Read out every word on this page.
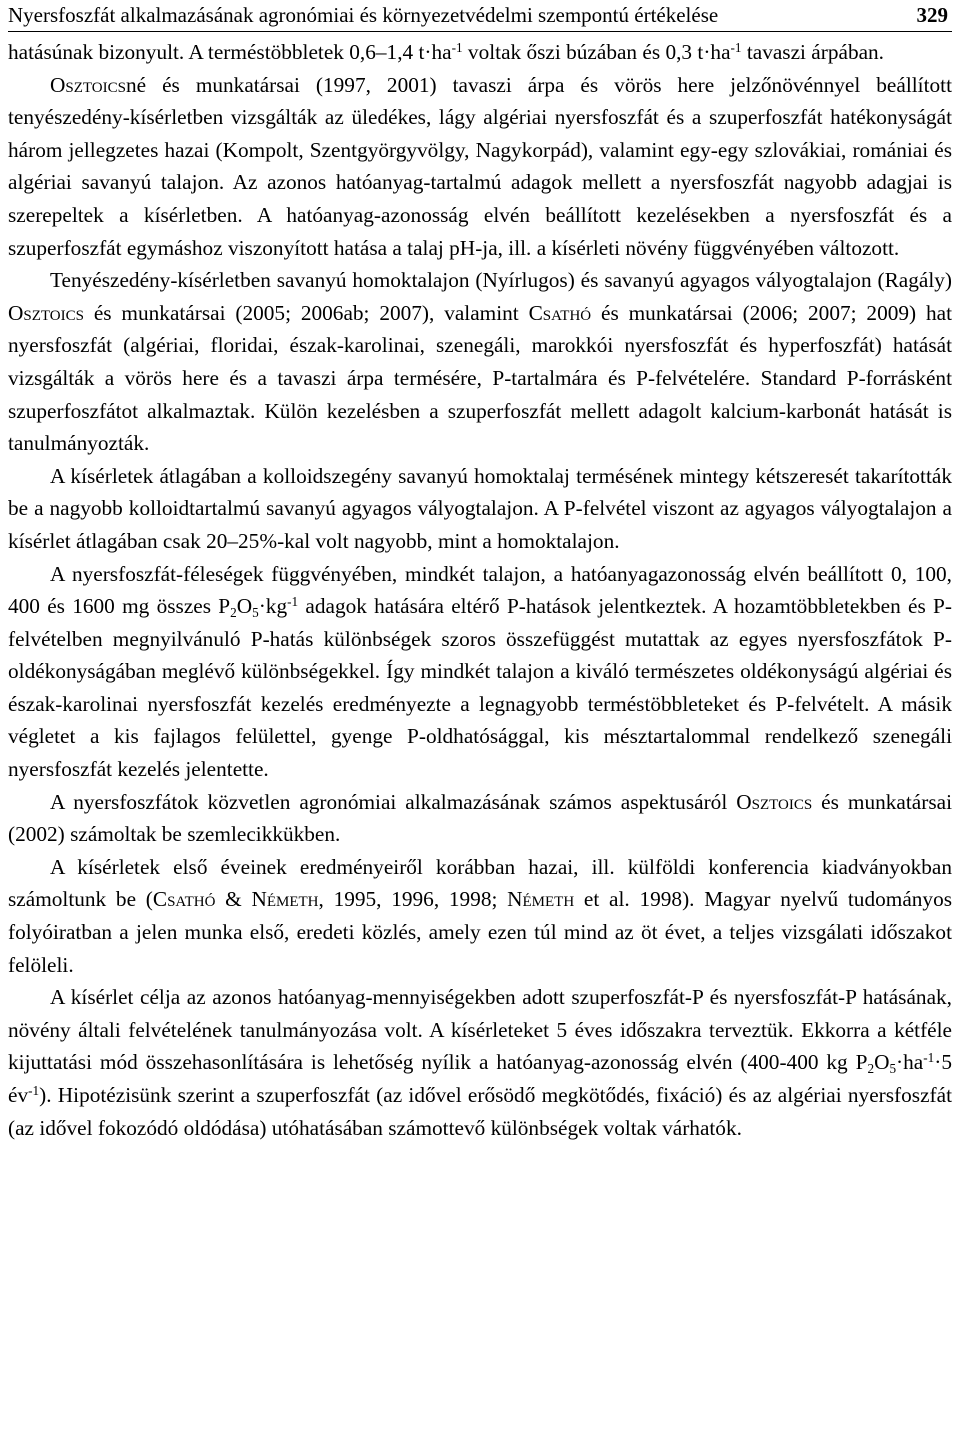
Nyersfoszfát alkalmazásának agronómiai és környezetvédelmi szempontú értékelése	329

hatásúnak bizonyult. A terméstöbbletek 0,6–1,4 $t\cdot ha^{-1}$ voltak őszi búzában és 0,3 $t\cdot ha^{-1}$ tavaszi árpában.

Osztoicsné és munkatársai (1997, 2001) tavaszi árpa és vörös here jelzőnövénnyel beállított tenyészedény-kísérletben vizsgálták az üledékes, lágy algériai nyersfoszfát és a szuperfoszfát hatékonyságát három jellegzetes hazai (Kompolt, Szentgyörgyvölgy, Nagykorpád), valamint egy-egy szlovákiai, romániai és algériai savanyú talajon. Az azonos hatóanyag-tartalmú adagok mellett a nyersfoszfát nagyobb adagjai is szerepeltek a kísérletben. A hatóanyag-azonosság elvén beállított kezelésekben a nyersfoszfát és a szuperfoszfát egymáshoz viszonyított hatása a talaj pH-ja, ill. a kísérleti növény függvényében változott.

Tenyészedény-kísérletben savanyú homoktalajon (Nyírlugos) és savanyú agyagos vályogtalajon (Ragály) Osztoics és munkatársai (2005; 2006ab; 2007), valamint Csathó és munkatársai (2006; 2007; 2009) hat nyersfoszfát (algériai, floridai, észak-karolinai, szenegáli, marokkói nyersfoszfát és hyperfoszfát) hatását vizsgálták a vörös here és a tavaszi árpa termésére, P-tartalmára és P-felvételére. Standard P-forrásként szuperfoszfátot alkalmaztak. Külön kezelésben a szuperfoszfát mellett adagolt kalcium-karbonát hatását is tanulmányozták.

A kísérletek átlagában a kolloidszegény savanyú homoktalaj termésének mintegy kétszeresét takarították be a nagyobb kolloidtartalmú savanyú agyagos vályogtalajon. A P-felvétel viszont az agyagos vályogtalajon a kísérlet átlagában csak 20–25%-kal volt nagyobb, mint a homoktalajon.

A nyersfoszfát-féleségek függvényében, mindkét talajon, a hatóanyagazonosság elvén beállított 0, 100, 400 és 1600 mg összes $P_2O_5\cdot kg^{-1}$ adagok hatására eltérő P-hatások jelentkeztek. A hozamtöbbletekben és P-felvételben megnyilvánuló P-hatás különbségek szoros összefüggést mutattak az egyes nyersfoszfátok P-oldékonyságában meglévő különbségekkel. Így mindkét talajon a kiváló természetes oldékonyságú algériai és észak-karolinai nyersfoszfát kezelés eredményezte a legnagyobb terméstöbbleteket és P-felvételt. A másik végletet a kis fajlagos felülettel, gyenge P-oldhatósággal, kis mésztartalommal rendelkező szenegáli nyersfoszfát kezelés jelentette.

A nyersfoszfátok közvetlen agronómiai alkalmazásának számos aspektusáról Osztoics és munkatársai (2002) számoltak be szemlecikkükben.

A kísérletek első éveinek eredményeiről korábban hazai, ill. külföldi konferencia kiadványokban számoltunk be (Csathó & Németh, 1995, 1996, 1998; Németh et al. 1998). Magyar nyelvű tudományos folyóiratban a jelen munka első, eredeti közlés, amely ezen túl mind az öt évet, a teljes vizsgálati időszakot felöleli.

A kísérlet célja az azonos hatóanyag-mennyiségekben adott szuperfoszfát-P és nyersfoszfát-P hatásának, növény általi felvételének tanulmányozása volt. A kísérleteket 5 éves időszakra terveztük. Ekkorra a kétféle kijuttatási mód összehasonlítására is lehetőség nyílik a hatóanyag-azonosság elvén (400-400 kg $P_2O_5\cdot ha^{-1}\cdot 5$ $év^{-1}$). Hipotézisünk szerint a szuperfoszfát (az idővel erősödő megkötődés, fixáció) és az algériai nyersfoszfát (az idővel fokozódó oldódása) utóhatásában számottevő különbségek voltak várhatók.
